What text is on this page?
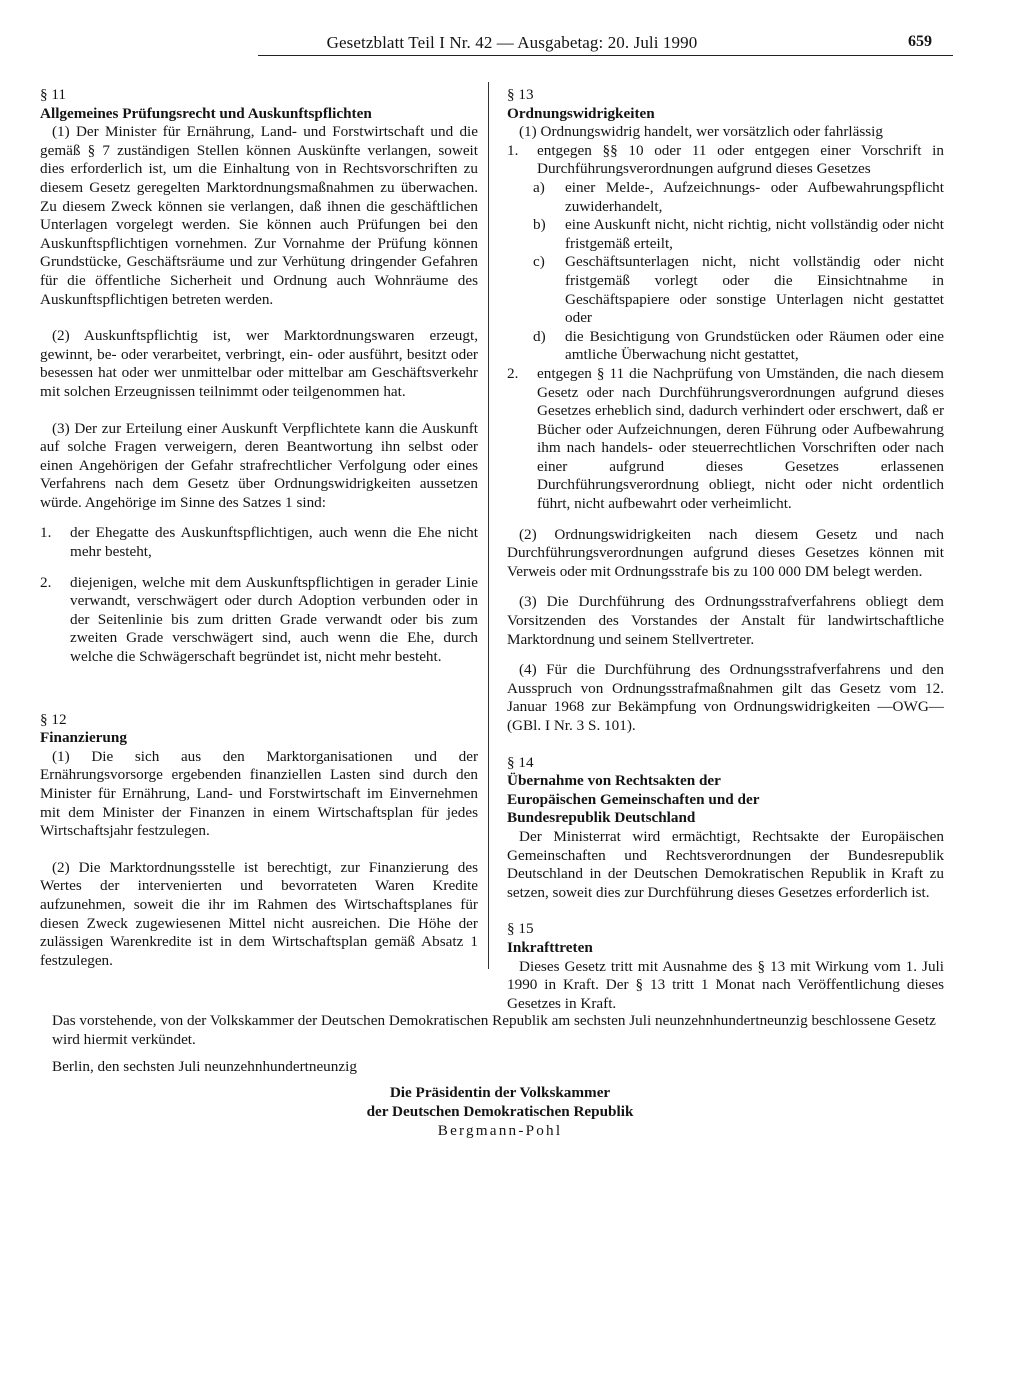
Gesetzblatt Teil I Nr. 42 — Ausgabetag: 20. Juli 1990	659

§ 11

Allgemeines Prüfungsrecht und Auskunftspflichten

(1) Der Minister für Ernährung, Land- und Forstwirtschaft und die gemäß § 7 zuständigen Stellen können Auskünfte verlangen, soweit dies erforderlich ist, um die Einhaltung von in Rechtsvorschriften zu diesem Gesetz geregelten Marktordnungsmaßnahmen zu überwachen. Zu diesem Zweck können sie verlangen, daß ihnen die geschäftlichen Unterlagen vorgelegt werden. Sie können auch Prüfungen bei den Auskunftspflichtigen vornehmen. Zur Vornahme der Prüfung können Grundstücke, Geschäftsräume und zur Verhütung dringender Gefahren für die öffentliche Sicherheit und Ordnung auch Wohnräume des Auskunftspflichtigen betreten werden.

(2) Auskunftspflichtig ist, wer Marktordnungswaren erzeugt, gewinnt, be- oder verarbeitet, verbringt, ein- oder ausführt, besitzt oder besessen hat oder wer unmittelbar oder mittelbar am Geschäftsverkehr mit solchen Erzeugnissen teilnimmt oder teilgenommen hat.

(3) Der zur Erteilung einer Auskunft Verpflichtete kann die Auskunft auf solche Fragen verweigern, deren Beantwortung ihn selbst oder einen Angehörigen der Gefahr strafrechtlicher Verfolgung oder eines Verfahrens nach dem Gesetz über Ordnungswidrigkeiten aussetzen würde. Angehörige im Sinne des Satzes 1 sind:

1.	der Ehegatte des Auskunftspflichtigen, auch wenn die Ehe nicht mehr besteht,
2.	diejenigen, welche mit dem Auskunftspflichtigen in gerader Linie verwandt, verschwägert oder durch Adoption verbunden oder in der Seitenlinie bis zum dritten Grade verwandt oder bis zum zweiten Grade verschwägert sind, auch wenn die Ehe, durch welche die Schwägerschaft begründet ist, nicht mehr besteht.

§ 12

Finanzierung

(1) Die sich aus den Marktorganisationen und der Ernährungsvorsorge ergebenden finanziellen Lasten sind durch den Minister für Ernährung, Land- und Forstwirtschaft im Einvernehmen mit dem Minister der Finanzen in einem Wirtschaftsplan für jedes Wirtschaftsjahr festzulegen.

(2) Die Marktordnungsstelle ist berechtigt, zur Finanzierung des Wertes der intervenierten und bevorrateten Waren Kredite aufzunehmen, soweit die ihr im Rahmen des Wirtschaftsplanes für diesen Zweck zugewiesenen Mittel nicht ausreichen. Die Höhe der zulässigen Warenkredite ist in dem Wirtschaftsplan gemäß Absatz 1 festzulegen.

§ 13

Ordnungswidrigkeiten

(1) Ordnungswidrig handelt, wer vorsätzlich oder fahrlässig

1.	entgegen §§ 10 oder 11 oder entgegen einer Vorschrift in Durchführungsverordnungen aufgrund dieses Gesetzes
a)	einer Melde-, Aufzeichnungs- oder Aufbewahrungspflicht zuwiderhandelt,
b)	eine Auskunft nicht, nicht richtig, nicht vollständig oder nicht fristgemäß erteilt,
c)	Geschäftsunterlagen nicht, nicht vollständig oder nicht fristgemäß vorlegt oder die Einsichtnahme in Geschäftspapiere oder sonstige Unterlagen nicht gestattet oder
d)	die Besichtigung von Grundstücken oder Räumen oder eine amtliche Überwachung nicht gestattet,
2.	entgegen § 11 die Nachprüfung von Umständen, die nach diesem Gesetz oder nach Durchführungsverordnungen aufgrund dieses Gesetzes erheblich sind, dadurch verhindert oder erschwert, daß er Bücher oder Aufzeichnungen, deren Führung oder Aufbewahrung ihm nach handels- oder steuerrechtlichen Vorschriften oder nach einer aufgrund dieses Gesetzes erlassenen Durchführungsverordnung obliegt, nicht oder nicht ordentlich führt, nicht aufbewahrt oder verheimlicht.

(2) Ordnungswidrigkeiten nach diesem Gesetz und nach Durchführungsverordnungen aufgrund dieses Gesetzes können mit Verweis oder mit Ordnungsstrafe bis zu 100 000 DM belegt werden.

(3) Die Durchführung des Ordnungsstrafverfahrens obliegt dem Vorsitzenden des Vorstandes der Anstalt für landwirtschaftliche Marktordnung und seinem Stellvertreter.

(4) Für die Durchführung des Ordnungsstrafverfahrens und den Ausspruch von Ordnungsstrafmaßnahmen gilt das Gesetz vom 12. Januar 1968 zur Bekämpfung von Ordnungswidrigkeiten —OWG— (GBl. I Nr. 3 S. 101).

§ 14

Übernahme von Rechtsakten der

Europäischen Gemeinschaften und der

Bundesrepublik Deutschland

Der Ministerrat wird ermächtigt, Rechtsakte der Europäischen Gemeinschaften und Rechtsverordnungen der Bundesrepublik Deutschland in der Deutschen Demokratischen Republik in Kraft zu setzen, soweit dies zur Durchführung dieses Gesetzes erforderlich ist.

§ 15

Inkrafttreten

Dieses Gesetz tritt mit Ausnahme des § 13 mit Wirkung vom 1. Juli 1990 in Kraft. Der § 13 tritt 1 Monat nach Veröffentlichung dieses Gesetzes in Kraft.

Das vorstehende, von der Volkskammer der Deutschen Demokratischen Republik am sechsten Juli neunzehnhundertneunzig beschlossene Gesetz wird hiermit verkündet.

Berlin, den sechsten Juli neunzehnhundertneunzig

Die Präsidentin der Volkskammer
der Deutschen Demokratischen Republik
Bergmann-Pohl
